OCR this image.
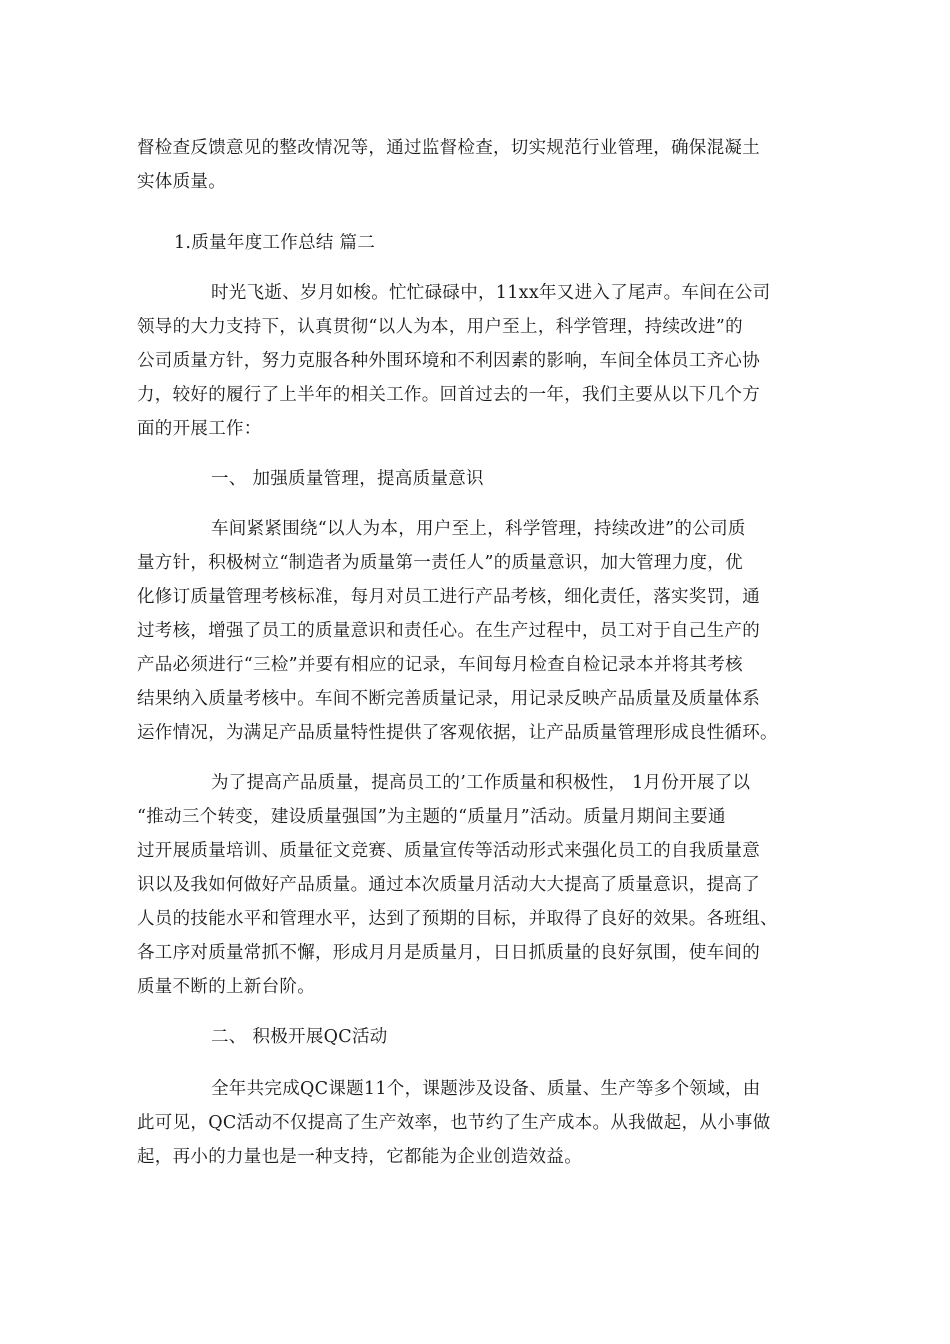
督检查反馈意见的整改情况等，通过监督检查，切实规范行业管理，确保混凝土
实体质量。
1.质量年度工作总结 篇二
时光飞逝、岁月如梭。忙忙碌碌中，11xx年又进入了尾声。车间在公司
领导的大力支持下，认真贯彻“以人为本，用户至上，科学管理，持续改进”的
公司质量方针，努力克服各种外围环境和不利因素的影响，车间全体员工齐心协
力，较好的履行了上半年的相关工作。回首过去的一年，我们主要从以下几个方
面的开展工作：
一、 加强质量管理，提高质量意识
车间紧紧围绕“以人为本，用户至上，科学管理，持续改进”的公司质
量方针，积极树立“制造者为质量第一责任人”的质量意识，加大管理力度，优
化修订质量管理考核标准，每月对员工进行产品考核，细化责任，落实奖罚，通
过考核，增强了员工的质量意识和责任心。在生产过程中，员工对于自己生产的
产品必须进行“三检”并要有相应的记录，车间每月检查自检记录本并将其考核
结果纳入质量考核中。车间不断完善质量记录，用记录反映产品质量及质量体系
运作情况，为满足产品质量特性提供了客观依据，让产品质量管理形成良性循环。
为了提高产品质量，提高员工的’工作质量和积极性， 1月份开展了以
“推动三个转变，建设质量强国”为主题的“质量月”活动。质量月期间主要通
过开展质量培训、质量征文竞赛、质量宣传等活动形式来强化员工的自我质量意
识以及我如何做好产品质量。通过本次质量月活动大大提高了质量意识，提高了
人员的技能水平和管理水平，达到了预期的目标，并取得了良好的效果。各班组、
各工序对质量常抓不懈，形成月月是质量月，日日抓质量的良好氛围，使车间的
质量不断的上新台阶。
二、 积极开展QC活动
全年共完成QC课题11个，课题涉及设备、质量、生产等多个领域，由
此可见，QC活动不仅提高了生产效率，也节约了生产成本。从我做起，从小事做
起，再小的力量也是一种支持，它都能为企业创造效益。
